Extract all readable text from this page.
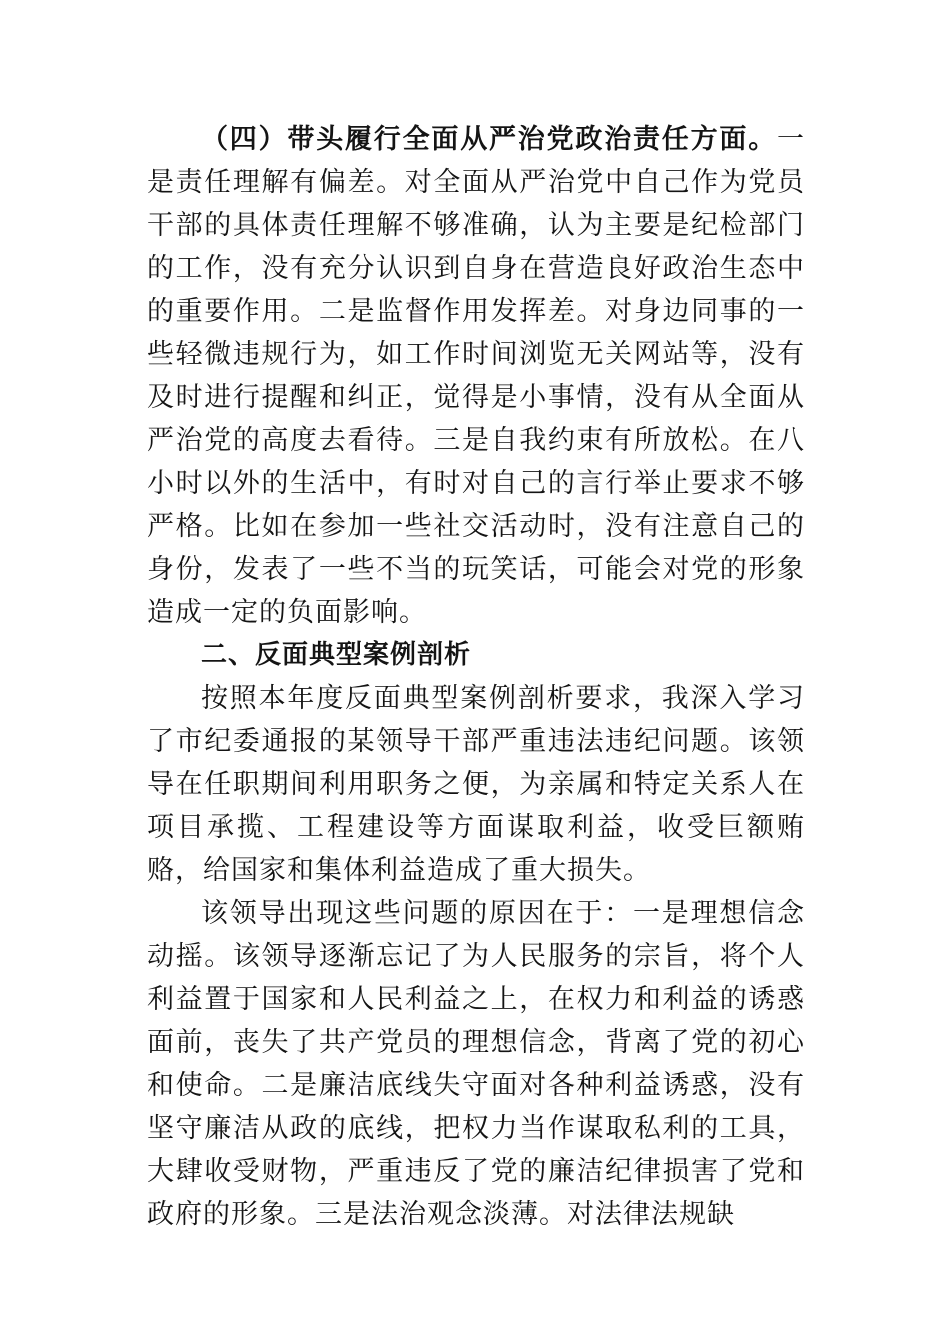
（四）带头履行全面从严治党政治责任方面。一是责任理解有偏差。对全面从严治党中自己作为党员干部的具体责任理解不够准确，认为主要是纪检部门的工作，没有充分认识到自身在营造良好政治生态中的重要作用。二是监督作用发挥差。对身边同事的一些轻微违规行为，如工作时间浏览无关网站等，没有及时进行提醒和纠正，觉得是小事情，没有从全面从严治党的高度去看待。三是自我约束有所放松。在八小时以外的生活中，有时对自己的言行举止要求不够严格。比如在参加一些社交活动时，没有注意自己的身份，发表了一些不当的玩笑话，可能会对党的形象造成一定的负面影响。

二、反面典型案例剖析

按照本年度反面典型案例剖析要求，我深入学习了市纪委通报的某领导干部严重违法违纪问题。该领导在任职期间利用职务之便，为亲属和特定关系人在项目承揽、工程建设等方面谋取利益，收受巨额贿赂，给国家和集体利益造成了重大损失。

该领导出现这些问题的原因在于：一是理想信念动摇。该领导逐渐忘记了为人民服务的宗旨，将个人利益置于国家和人民利益之上，在权力和利益的诱惑面前，丧失了共产党员的理想信念，背离了党的初心和使命。二是廉洁底线失守面对各种利益诱惑，没有坚守廉洁从政的底线，把权力当作谋取私利的工具，大肆收受财物，严重违反了党的廉洁纪律损害了党和政府的形象。三是法治观念淡薄。对法律法规缺
